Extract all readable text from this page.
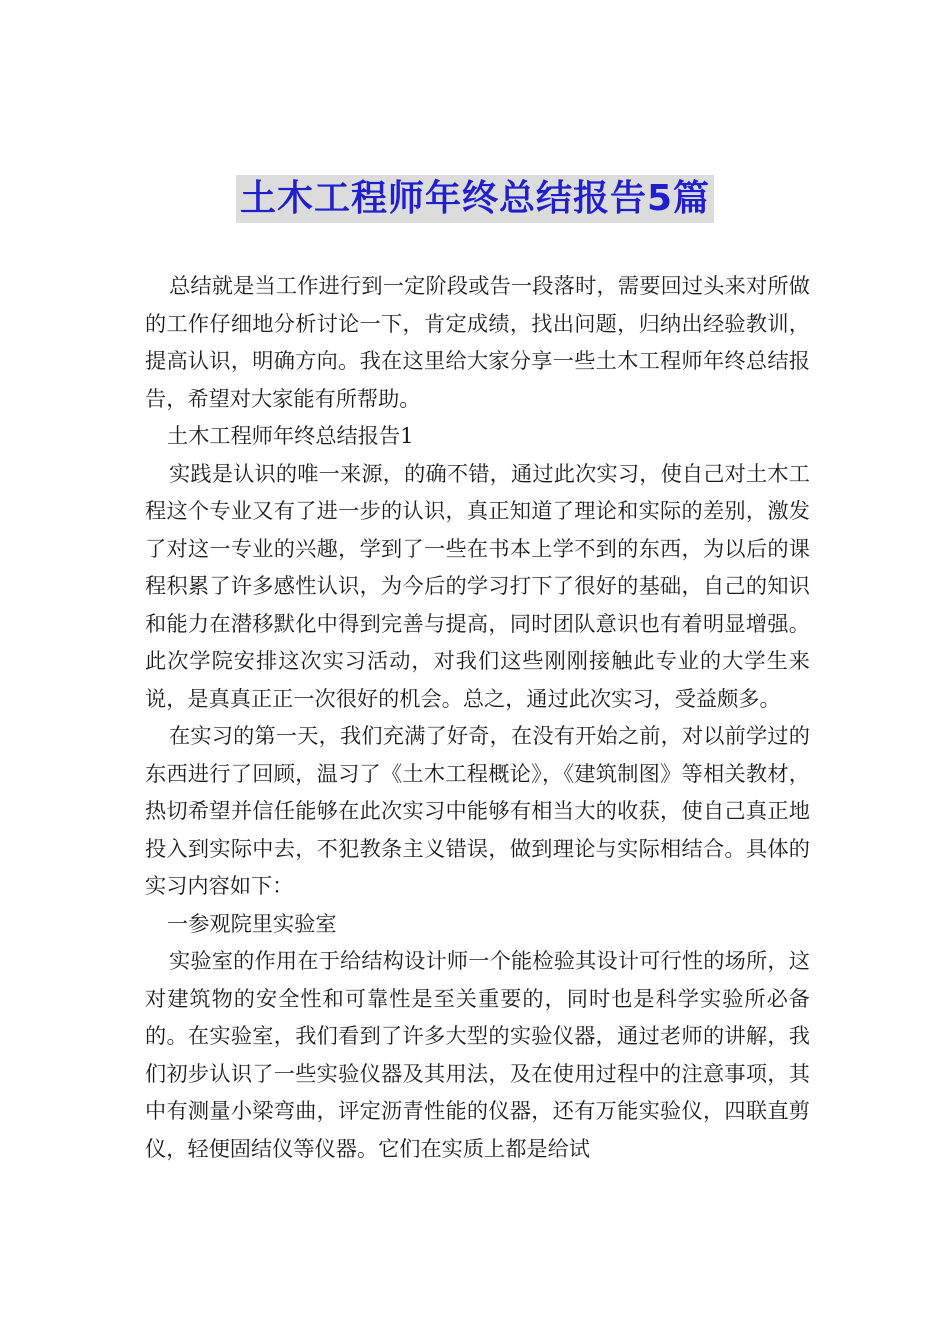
土木工程师年终总结报告5篇

总结就是当工作进行到一定阶段或告一段落时，需要回过头来对所做的工作仔细地分析讨论一下，肯定成绩，找出问题，归纳出经验教训，提高认识，明确方向。我在这里给大家分享一些土木工程师年终总结报告，希望对大家能有所帮助。

土木工程师年终总结报告1

实践是认识的唯一来源，的确不错，通过此次实习，使自己对土木工程这个专业又有了进一步的认识，真正知道了理论和实际的差别，激发了对这一专业的兴趣，学到了一些在书本上学不到的东西，为以后的课程积累了许多感性认识，为今后的学习打下了很好的基础，自己的知识和能力在潜移默化中得到完善与提高，同时团队意识也有着明显增强。此次学院安排这次实习活动，对我们这些刚刚接触此专业的大学生来说，是真真正正一次很好的机会。总之，通过此次实习，受益颇多。

在实习的第一天，我们充满了好奇，在没有开始之前，对以前学过的东西进行了回顾，温习了《土木工程概论》，《建筑制图》等相关教材，热切希望并信任能够在此次实习中能够有相当大的收获，使自己真正地投入到实际中去，不犯教条主义错误，做到理论与实际相结合。具体的实习内容如下：

一参观院里实验室

实验室的作用在于给结构设计师一个能检验其设计可行性的场所，这对建筑物的安全性和可靠性是至关重要的，同时也是科学实验所必备的。在实验室，我们看到了许多大型的实验仪器，通过老师的讲解，我们初步认识了一些实验仪器及其用法，及在使用过程中的注意事项，其中有测量小梁弯曲，评定沥青性能的仪器，还有万能实验仪，四联直剪仪，轻便固结仪等仪器。它们在实质上都是给试
